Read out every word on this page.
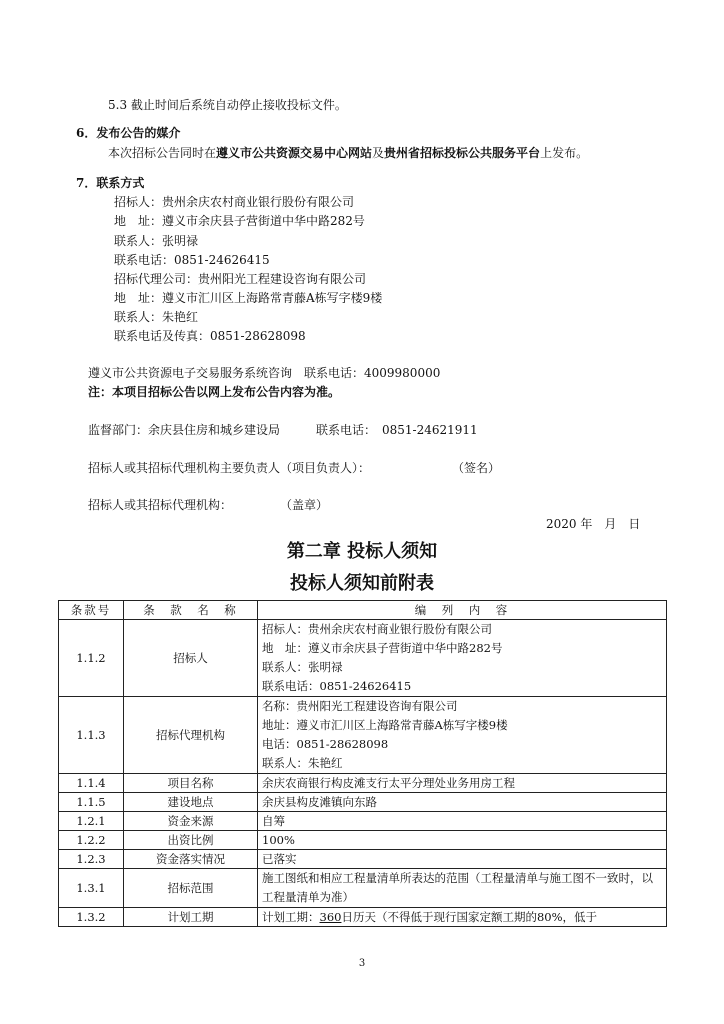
5.3 截止时间后系统自动停止接收投标文件。
6．发布公告的媒介
本次招标公告同时在遵义市公共资源交易中心网站及贵州省招标投标公共服务平台上发布。
7．联系方式
招标人：贵州余庆农村商业银行股份有限公司
地　址：遵义市余庆县子营街道中华中路282号
联系人：张明禄
联系电话：0851-24626415
招标代理公司：贵州阳光工程建设咨询有限公司
地　址：遵义市汇川区上海路常青藤A栋写字楼9楼
联系人：朱艳红
联系电话及传真：0851-28628098
遵义市公共资源电子交易服务系统咨询　联系电话：4009980000
注：本项目招标公告以网上发布公告内容为准。
监督部门：余庆县住房和城乡建设局　　　联系电话：　0851-24621911
招标人或其招标代理机构主要负责人（项目负责人）：	（签名）
招标人或其招标代理机构：	（盖章）
2020 年　月　日
第二章 投标人须知
投标人须知前附表
条款号	条　款　名　称	编　列　内　容
1.1.2	招标人	招标人：贵州余庆农村商业银行股份有限公司
地　址：遵义市余庆县子营街道中华中路282号
联系人：张明禄
联系电话：0851-24626415

1.1.3	招标代理机构	名称：贵州阳光工程建设咨询有限公司
地址：遵义市汇川区上海路常青藤A栋写字楼9楼
电话：0851-28628098
联系人：朱艳红

1.1.4	项目名称	余庆农商银行构皮滩支行太平分理处业务用房工程
1.1.5	建设地点	余庆县构皮滩镇向东路
1.2.1	资金来源	自筹
1.2.2	出资比例	100%
1.2.3	资金落实情况	已落实
1.3.1	招标范围	施工图纸和相应工程量清单所表达的范围（工程量清单与施工图不一致时，以工程量清单为准）
1.3.2	计划工期	计划工期：360日历天（不得低于现行国家定额工期的80%，低于
3
